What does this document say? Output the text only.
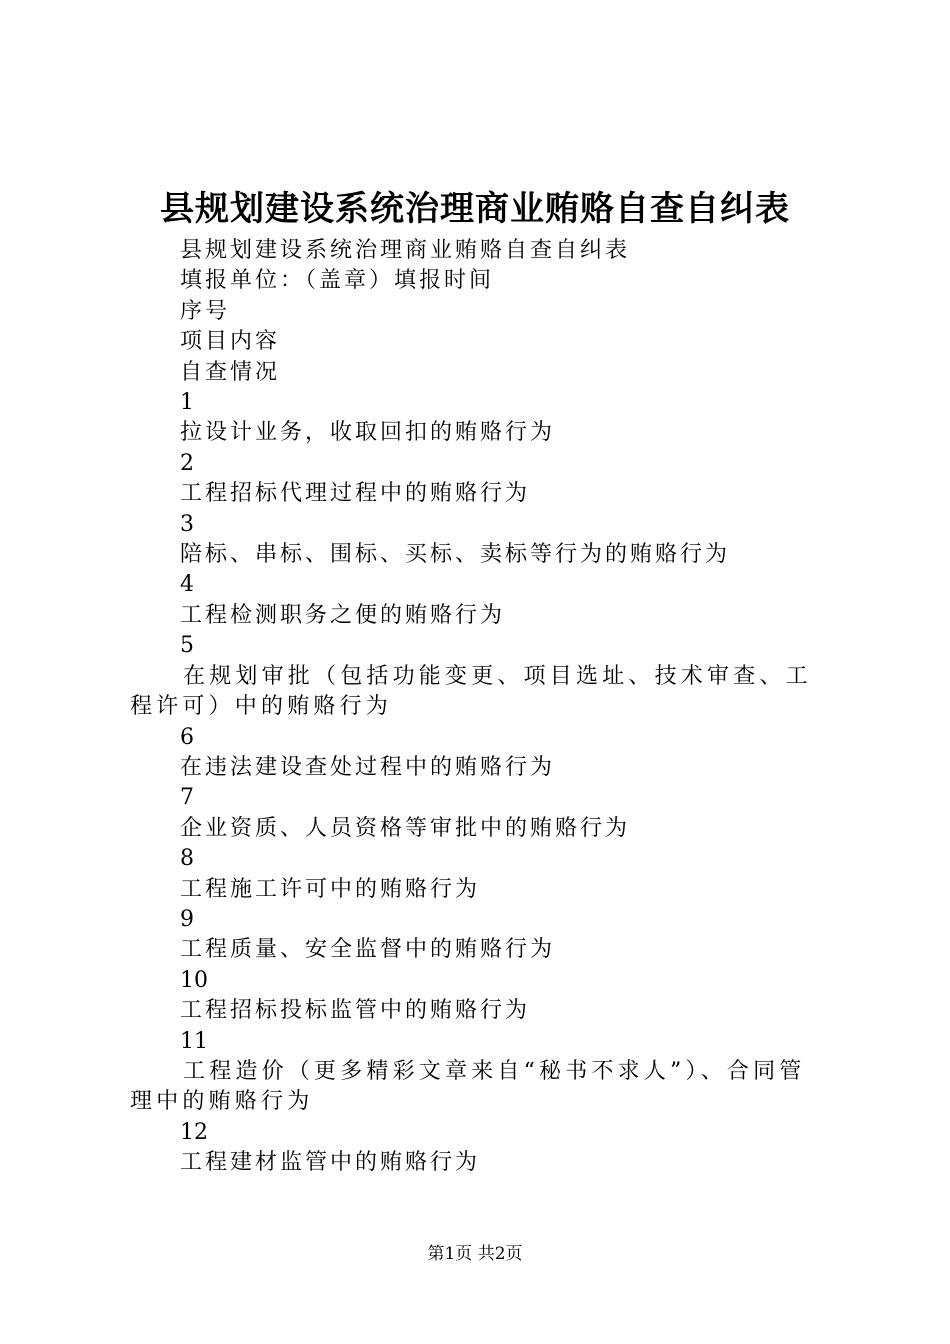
县规划建设系统治理商业贿赂自查自纠表

县规划建设系统治理商业贿赂自查自纠表

填报单位：（盖章）填报时间

序号

项目内容

自查情况

1

拉设计业务，收取回扣的贿赂行为

2

工程招标代理过程中的贿赂行为

3

陪标、串标、围标、买标、卖标等行为的贿赂行为

4

工程检测职务之便的贿赂行为

5

在规划审批（包括功能变更、项目选址、技术审查、工程许可）中的贿赂行为

6

在违法建设查处过程中的贿赂行为

7

企业资质、人员资格等审批中的贿赂行为

8

工程施工许可中的贿赂行为

9

工程质量、安全监督中的贿赂行为

10

工程招标投标监管中的贿赂行为

11

工程造价（更多精彩文章来自“秘书不求人”）、合同管理中的贿赂行为

12

工程建材监管中的贿赂行为

第1页 共2页
